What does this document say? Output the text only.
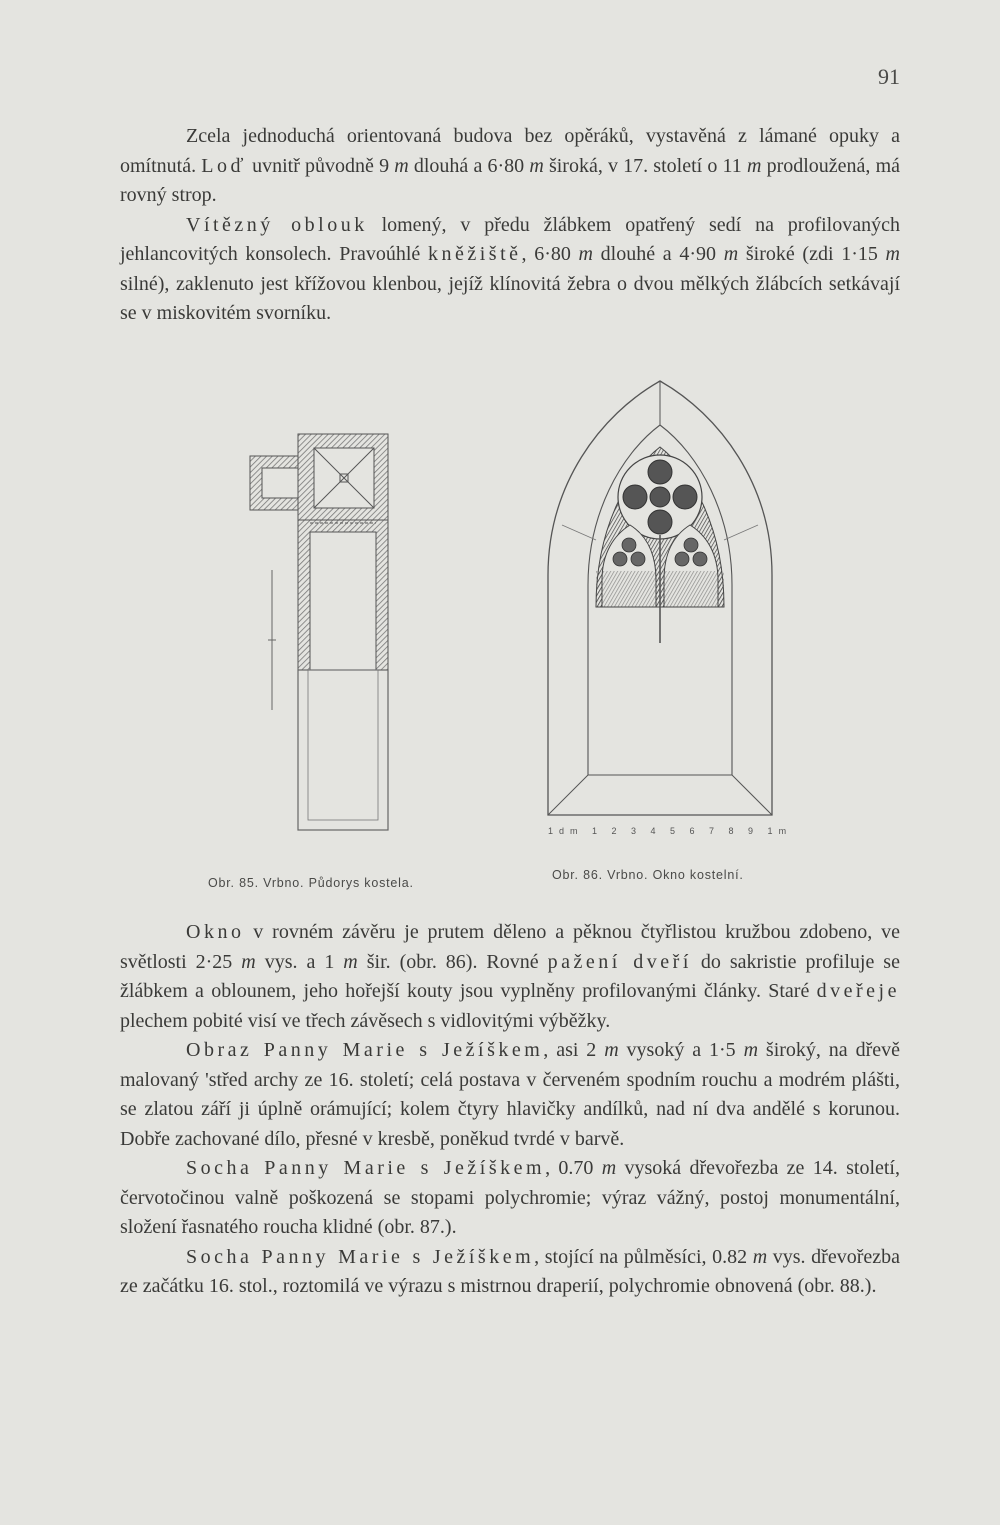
91

Zcela jednoduchá orientovaná budova bez opěráků, vystavěná z lámané opuky a omítnutá. Loď uvnitř původně 9 m dlouhá a 6·80 m široká, v 17. století o 11 m prodloužená, má rovný strop.

Vítězný oblouk lomený, v předu žlábkem opatřený sedí na profilovaných jehlancovitých konsolech. Pravoúhlé kněžiště, 6·80 m dlouhé a 4·90 m široké (zdi 1·15 m silné), zaklenuto jest křížovou klenbou, jejíž klínovitá žebra o dvou mělkých žlábcích setkávají se v miskovitém svorníku.

1dm 1 2 3 4 5 6 7 8 9 1m
Obr. 85. Vrbno. Půdorys kostela.
Obr. 86. Vrbno. Okno kostelní.

Okno v rovném závěru je prutem děleno a pěknou čtyřlistou kružbou zdobeno, ve světlosti 2·25 m vys. a 1 m šir. (obr. 86). Rovné pažení dveří do sakristie profiluje se žlábkem a oblounem, jeho hořejší kouty jsou vyplněny profilovanými články. Staré dveřeje plechem pobité visí ve třech závěsech s vidlovitými výběžky.

Obraz Panny Marie s Ježíškem, asi 2 m vysoký a 1·5 m široký, na dřevě malovaný 'střed archy ze 16. století; celá postava v červeném spodním rouchu a modrém plášti, se zlatou září ji úplně orámující; kolem čtyry hlavičky andílků, nad ní dva andělé s korunou. Dobře zachované dílo, přesné v kresbě, poněkud tvrdé v barvě.

Socha Panny Marie s Ježíškem, 0.70 m vysoká dřevořezba ze 14. století, červotočinou valně poškozená se stopami polychromie; výraz vážný, postoj monumentální, složení řasnatého roucha klidné (obr. 87.).

Socha Panny Marie s Ježíškem, stojící na půlměsíci, 0.82 m vys. dřevořezba ze začátku 16. stol., roztomilá ve výrazu s mistrnou draperií, polychromie obnovená (obr. 88.).
